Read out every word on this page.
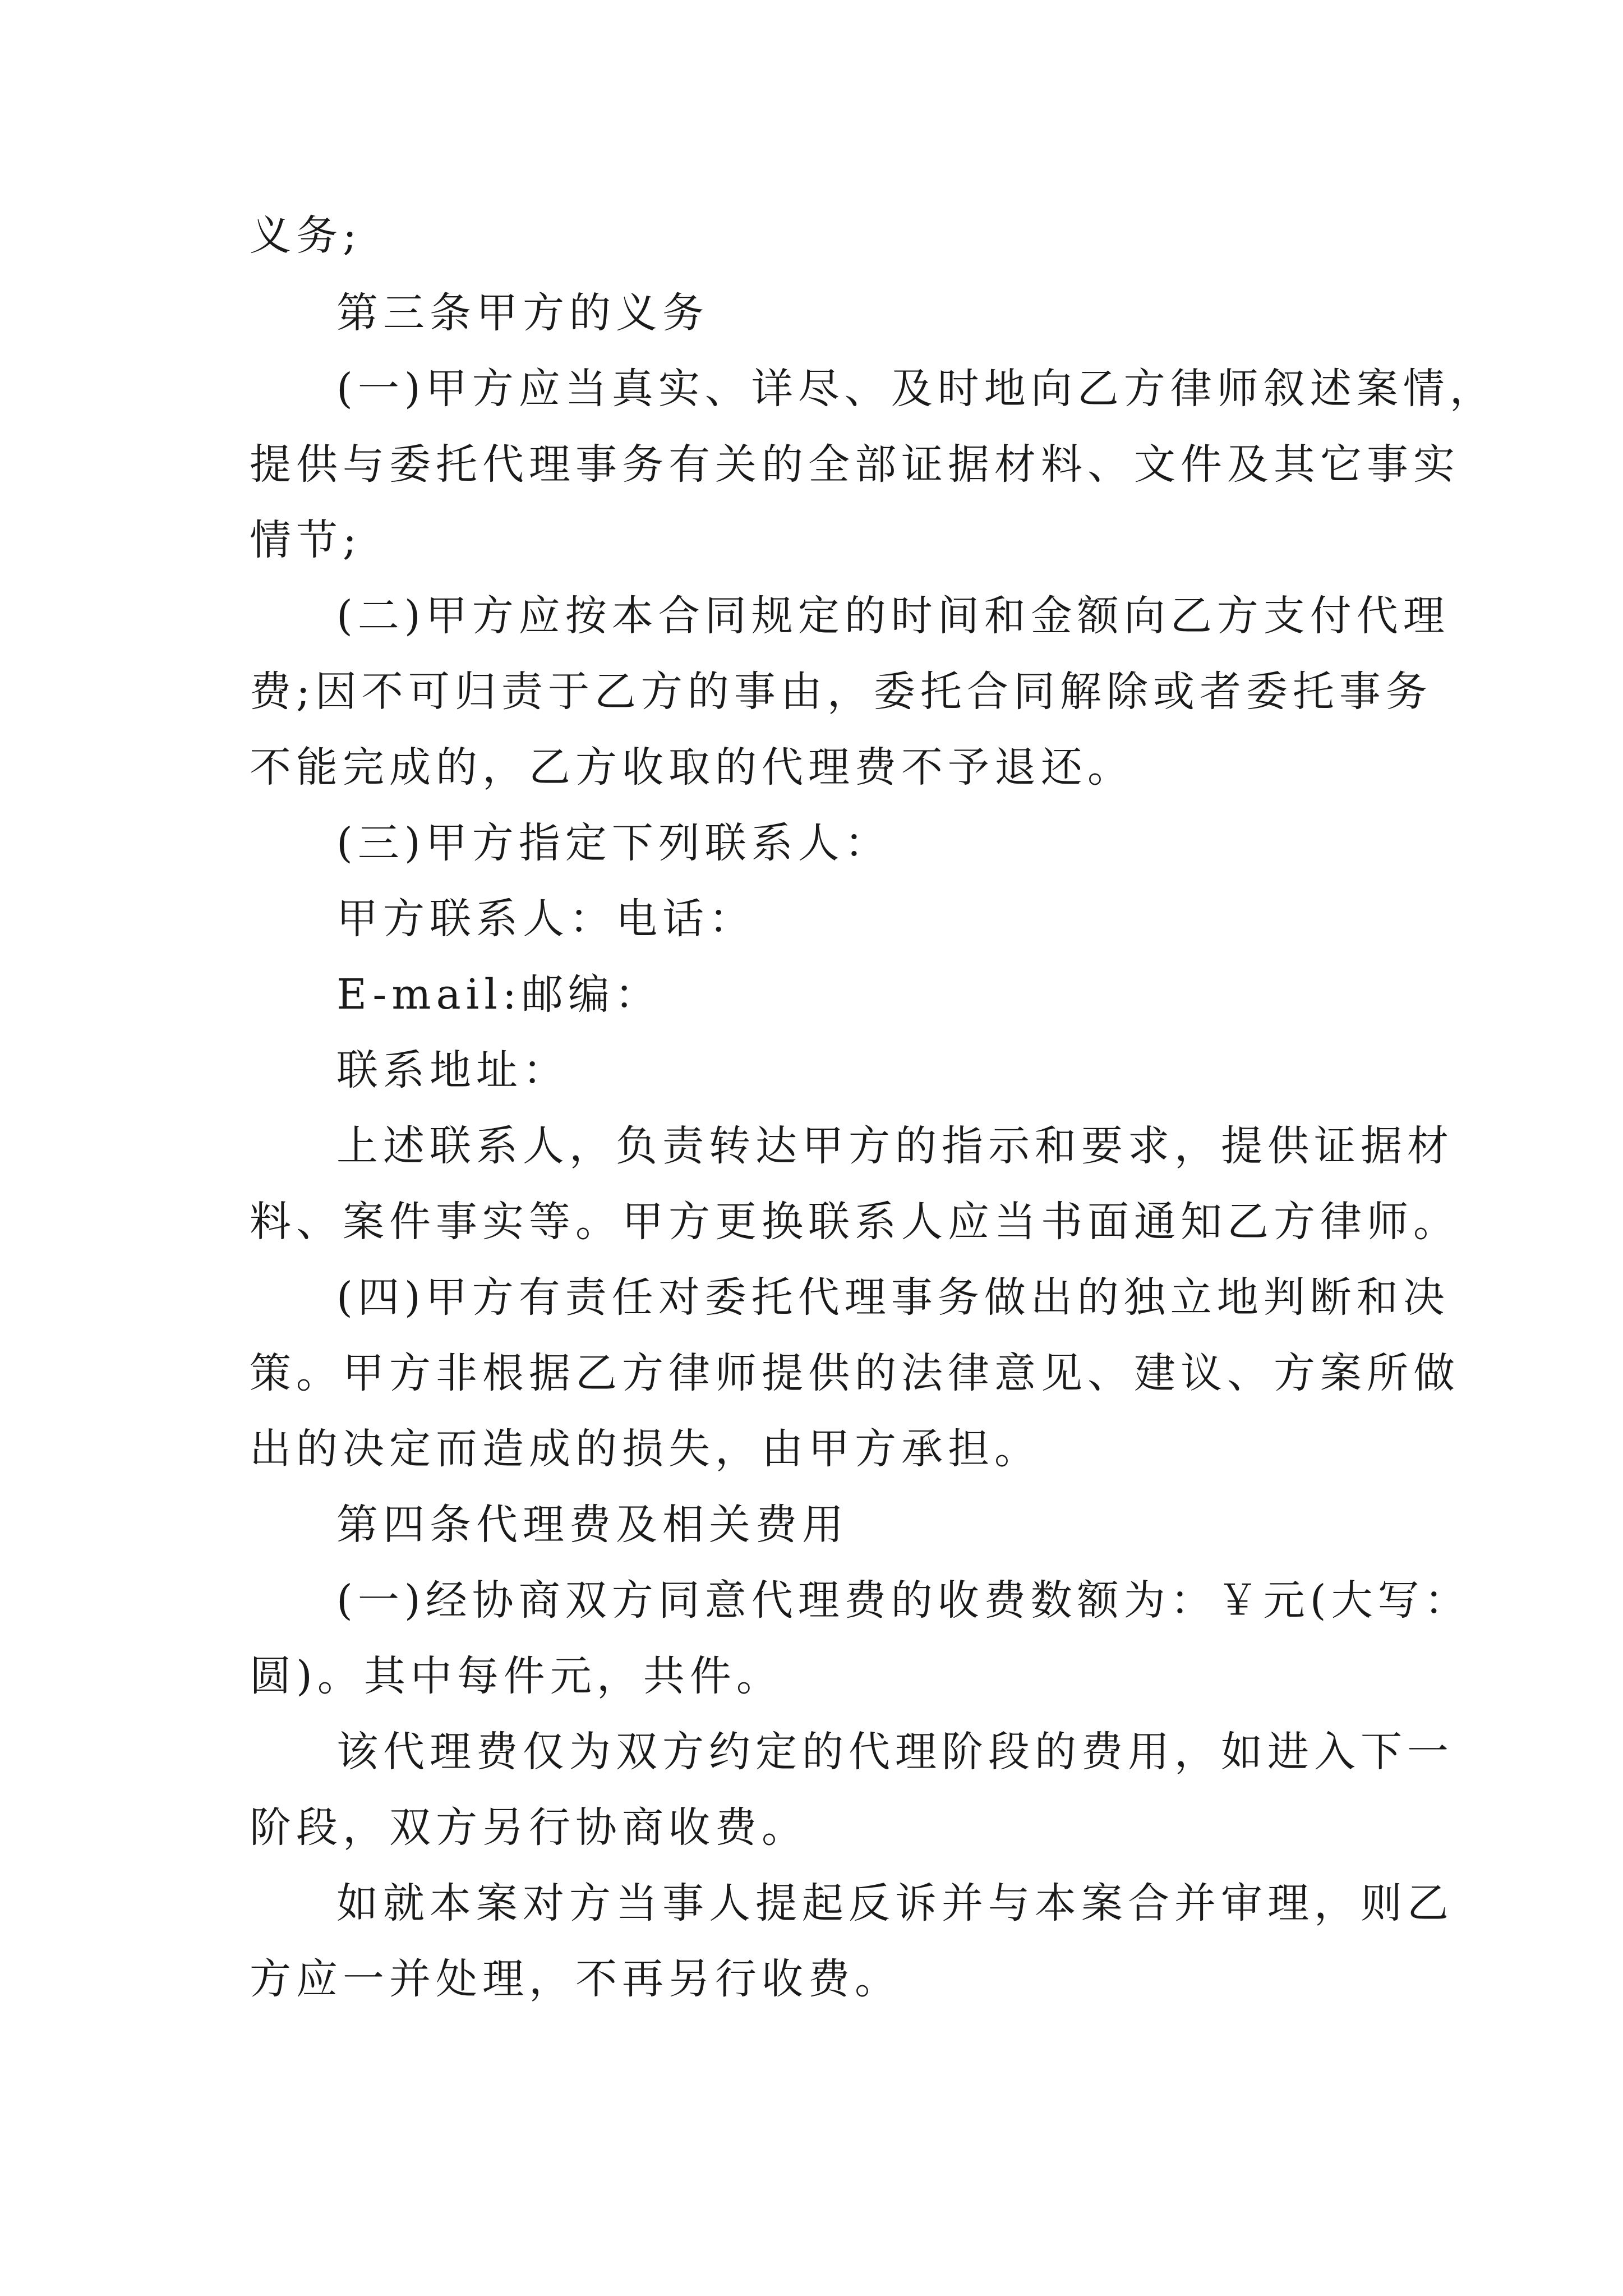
义务;
第三条甲方的义务
(一)甲方应当真实、详尽、及时地向乙方律师叙述案情，
提供与委托代理事务有关的全部证据材料、文件及其它事实
情节;
(二)甲方应按本合同规定的时间和金额向乙方支付代理
费;因不可归责于乙方的事由，委托合同解除或者委托事务
不能完成的，乙方收取的代理费不予退还。
(三)甲方指定下列联系人：
甲方联系人：电话：
E-mail:邮编：
联系地址：
上述联系人，负责转达甲方的指示和要求，提供证据材
料、案件事实等。甲方更换联系人应当书面通知乙方律师。
(四)甲方有责任对委托代理事务做出的独立地判断和决
策。甲方非根据乙方律师提供的法律意见、建议、方案所做
出的决定而造成的损失，由甲方承担。
第四条代理费及相关费用
(一)经协商双方同意代理费的收费数额为：￥元(大写：
圆)。其中每件元，共件。
该代理费仅为双方约定的代理阶段的费用，如进入下一
阶段，双方另行协商收费。
如就本案对方当事人提起反诉并与本案合并审理，则乙
方应一并处理，不再另行收费。
